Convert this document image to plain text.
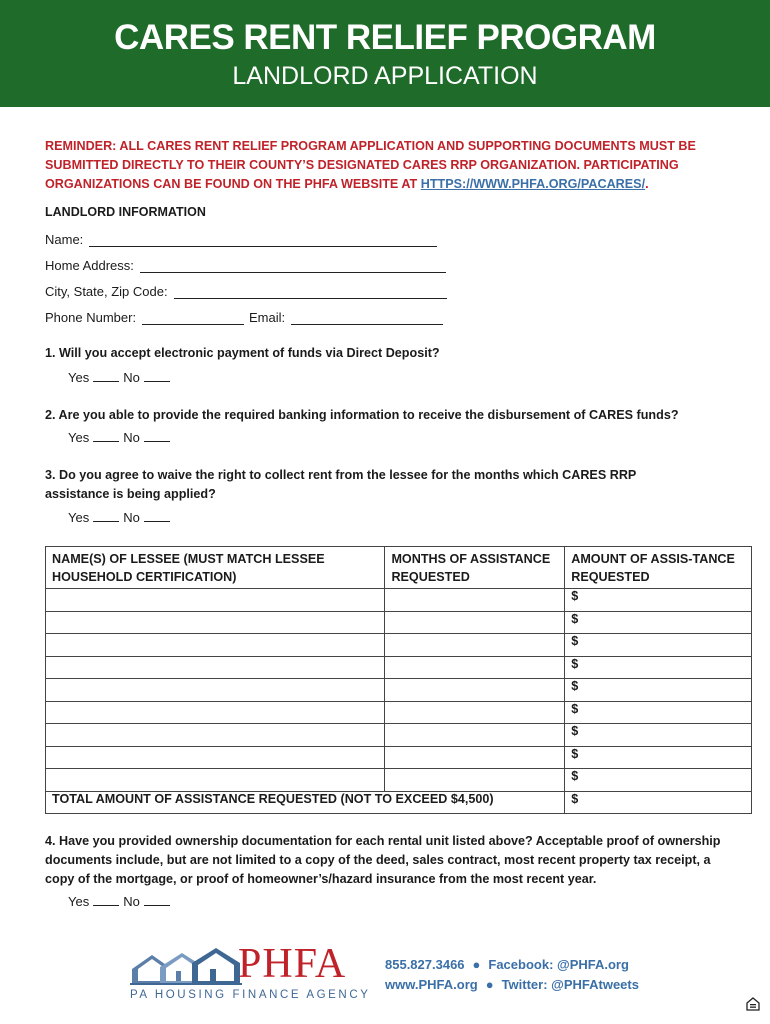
CARES RENT RELIEF PROGRAM
LANDLORD APPLICATION
REMINDER: ALL CARES RENT RELIEF PROGRAM APPLICATION AND SUPPORTING DOCUMENTS MUST BE SUBMITTED DIRECTLY TO THEIR COUNTY’S DESIGNATED CARES RRP ORGANIZATION. PARTICIPATING ORGANIZATIONS CAN BE FOUND ON THE PHFA WEBSITE AT HTTPS://WWW.PHFA.ORG/PACARES/.
LANDLORD INFORMATION
Name:
Home Address:
City, State, Zip Code:
Phone Number:	Email:
1. Will you accept electronic payment of funds via Direct Deposit?
Yes	No
2. Are you able to provide the required banking information to receive the disbursement of CARES funds?
Yes	No
3. Do you agree to waive the right to collect rent from the lessee for the months which CARES RRP assistance is being applied?
Yes	No
NAME(S) OF LESSEE (MUST MATCH LESSEE HOUSEHOLD CERTIFICATION)	MONTHS OF ASSISTANCE REQUESTED	AMOUNT OF ASSIS-TANCE REQUESTED
		$
		$
		$
		$
		$
		$
		$
		$
		$
TOTAL AMOUNT OF ASSISTANCE REQUESTED (NOT TO EXCEED $4,500)		$
4. Have you provided ownership documentation for each rental unit listed above? Acceptable proof of ownership documents include, but are not limited to a copy of the deed, sales contract, most recent property tax receipt, a copy of the mortgage, or proof of homeowner’s/hazard insurance from the most recent year.
Yes	No
PHFA
PA HOUSING FINANCE AGENCY
855.827.3466 ● Facebook: @PHFA.org
www.PHFA.org ● Twitter: @PHFAtweets
